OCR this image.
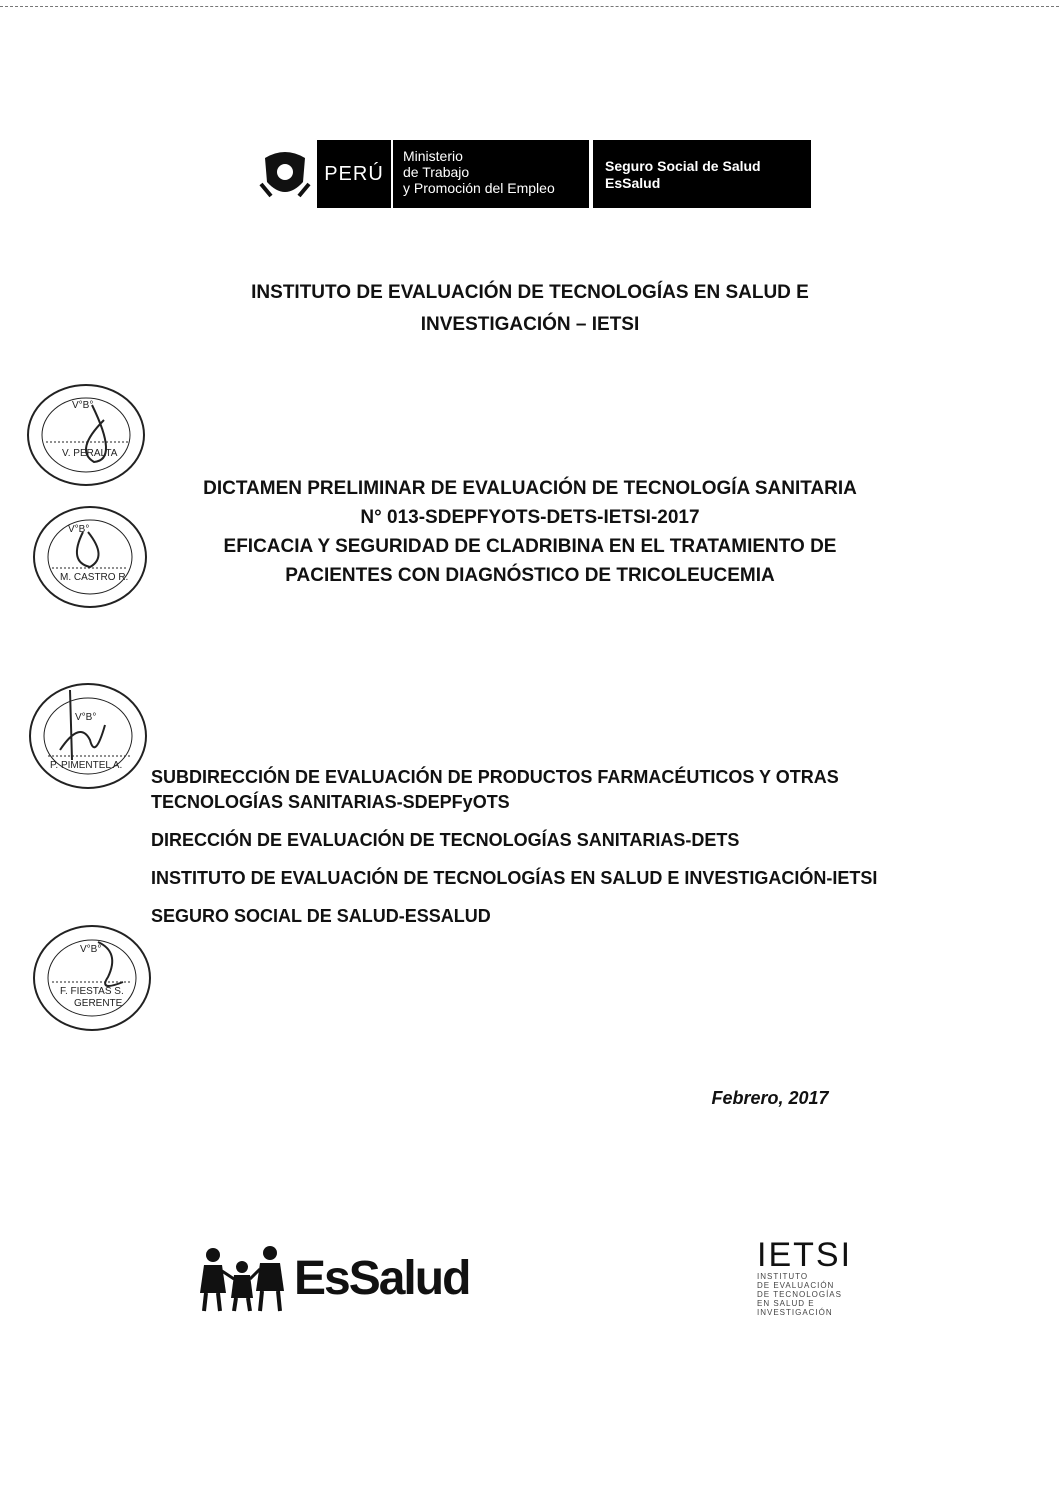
PERÚ
Ministerio
de Trabajo
y Promoción del Empleo
Seguro Social de Salud
EsSalud
INSTITUTO DE EVALUACIÓN DE TECNOLOGÍAS EN SALUD E
INVESTIGACIÓN – IETSI
DICTAMEN PRELIMINAR DE EVALUACIÓN DE TECNOLOGÍA SANITARIA
N° 013-SDEPFYOTS-DETS-IETSI-2017
EFICACIA Y SEGURIDAD DE CLADRIBINA EN EL TRATAMIENTO DE
PACIENTES CON DIAGNÓSTICO DE TRICOLEUCEMIA
SUBDIRECCIÓN DE EVALUACIÓN DE PRODUCTOS FARMACÉUTICOS Y OTRAS TECNOLOGÍAS SANITARIAS-SDEPFyOTS
DIRECCIÓN DE EVALUACIÓN DE TECNOLOGÍAS SANITARIAS-DETS
INSTITUTO DE EVALUACIÓN DE TECNOLOGÍAS EN SALUD E INVESTIGACIÓN-IETSI
SEGURO SOCIAL DE SALUD-ESSALUD
Febrero, 2017
V°B°
V. PERALTA
V°B°
M. CASTRO R.
V°B°
P. PIMENTEL A.
V°B°
F. FIESTAS S.
GERENTE
EsSalud	IETSI
INSTITUTO
DE EVALUACIÓN
DE TECNOLOGÍAS
EN SALUD E
INVESTIGACIÓN
